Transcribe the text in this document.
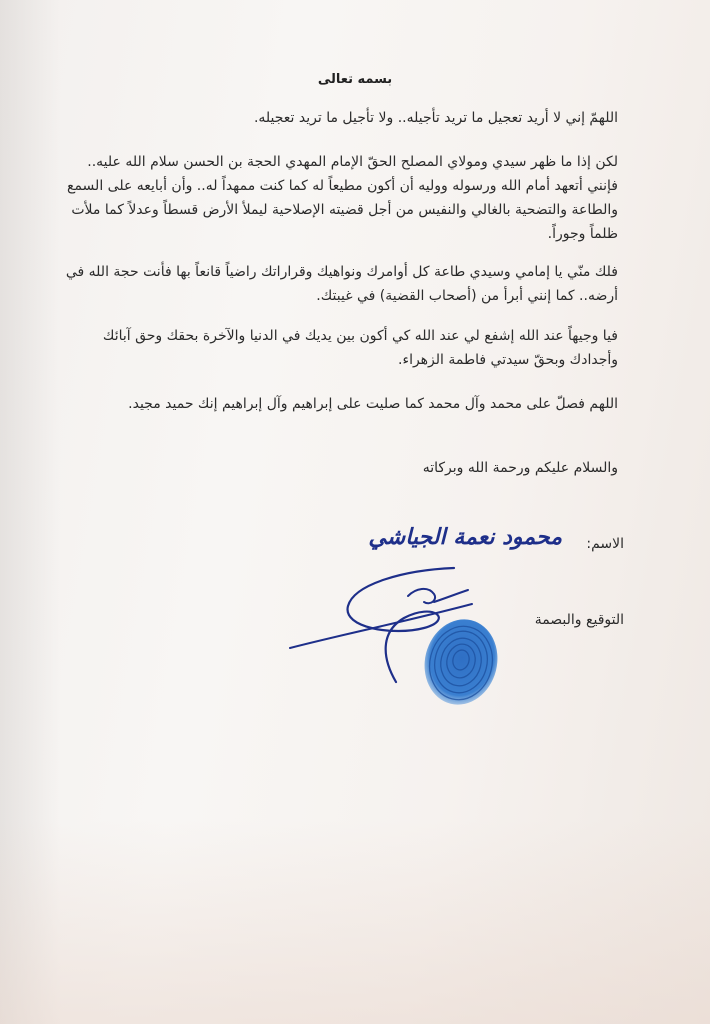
بسمه تعالى
اللهمّ إني لا أريد تعجيل ما تريد تأجيله.. ولا تأجيل ما تريد تعجيله.
لكن إذا ما ظهر سيدي ومولاي المصلح الحقّ الإمام المهدي الحجة بن الحسن سلام الله عليه.. فإنني أتعهد أمام الله ورسوله ووليه أن أكون مطيعاً له كما كنت ممهداً له.. وأن أبايعه على السمع والطاعة والتضحية بالغالي والنفيس من أجل قضيته الإصلاحية ليملأ الأرض قسطاً وعدلاً كما ملأت ظلماً وجوراً.
فلك منّي يا إمامي وسيدي طاعة كل أوامرك ونواهيك وقراراتك راضياً قانعاً بها فأنت حجة الله في أرضه.. كما إنني أبرأ من (أصحاب القضية) في غيبتك.
فيا وجيهاً عند الله إشفع لي عند الله كي أكون بين يديك في الدنيا والآخرة بحقك وحق آبائك وأجدادك وبحقّ سيدتي فاطمة الزهراء.
اللهم فصلّ على محمد وآل محمد كما صليت على إبراهيم وآل إبراهيم إنك حميد مجيد.
والسلام عليكم ورحمة الله وبركاته
الاسم:
محمود نعمة الجياشي
التوقيع والبصمة
